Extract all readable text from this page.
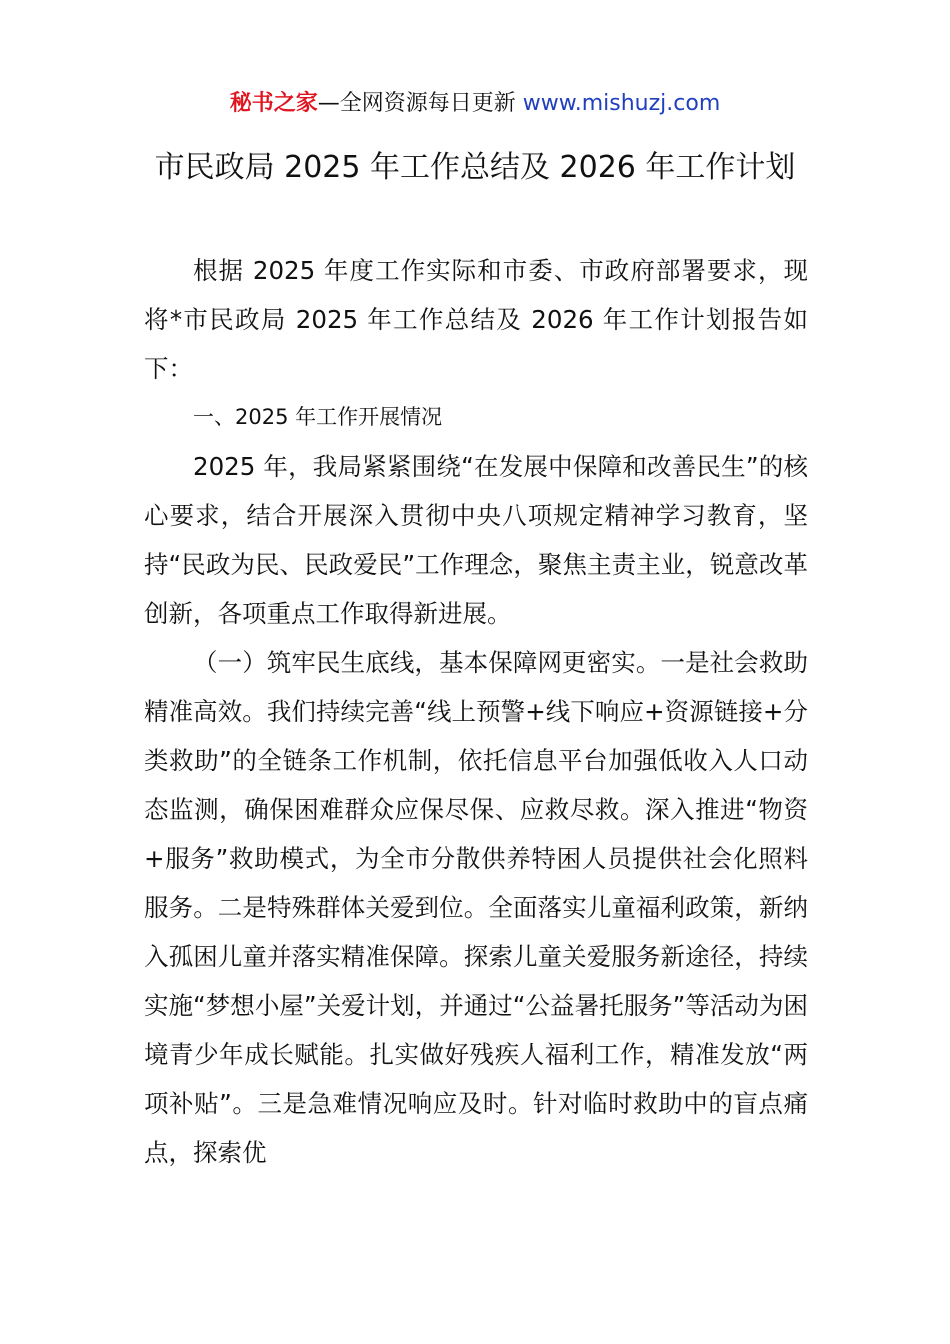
秘书之家—全网资源每日更新 www.mishuzj.com
市民政局 2025 年工作总结及 2026 年工作计划

根据 2025 年度工作实际和市委、市政府部署要求，现将*市民政局 2025 年工作总结及 2026 年工作计划报告如下：

一、2025 年工作开展情况

2025 年，我局紧紧围绕“在发展中保障和改善民生”的核心要求，结合开展深入贯彻中央八项规定精神学习教育，坚持“民政为民、民政爱民”工作理念，聚焦主责主业，锐意改革创新，各项重点工作取得新进展。

（一）筑牢民生底线，基本保障网更密实。一是社会救助精准高效。我们持续完善“线上预警+线下响应+资源链接+分类救助”的全链条工作机制，依托信息平台加强低收入人口动态监测，确保困难群众应保尽保、应救尽救。深入推进“物资+服务”救助模式，为全市分散供养特困人员提供社会化照料服务。二是特殊群体关爱到位。全面落实儿童福利政策，新纳入孤困儿童并落实精准保障。探索儿童关爱服务新途径，持续实施“梦想小屋”关爱计划，并通过“公益暑托服务”等活动为困境青少年成长赋能。扎实做好残疾人福利工作，精准发放“两项补贴”。三是急难情况响应及时。针对临时救助中的盲点痛点，探索优
